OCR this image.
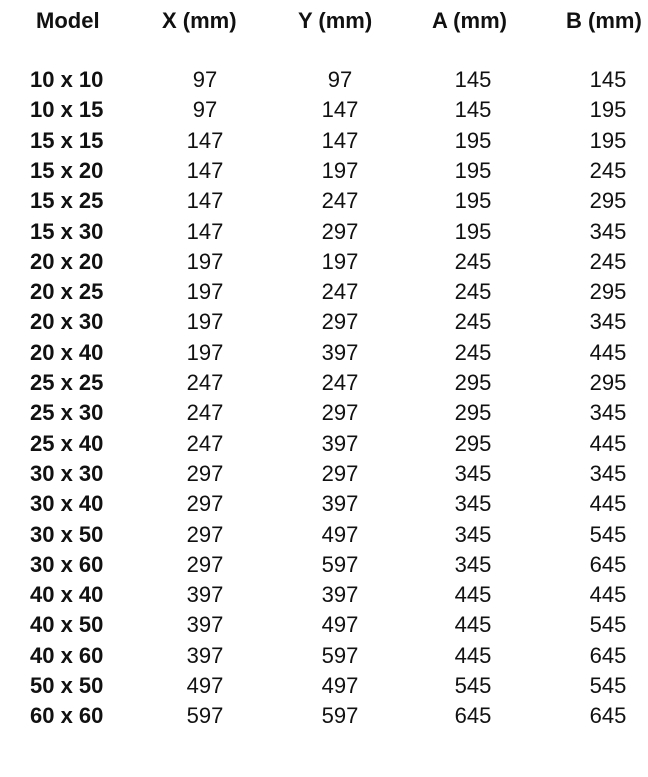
Model	X (mm)	Y (mm)	A (mm)	B (mm)
10 x 10	97	97	145	145
10 x 15	97	147	145	195
15 x 15	147	147	195	195
15 x 20	147	197	195	245
15 x 25	147	247	195	295
15 x 30	147	297	195	345
20 x 20	197	197	245	245
20 x 25	197	247	245	295
20 x 30	197	297	245	345
20 x 40	197	397	245	445
25 x 25	247	247	295	295
25 x 30	247	297	295	345
25 x 40	247	397	295	445
30 x 30	297	297	345	345
30 x 40	297	397	345	445
30 x 50	297	497	345	545
30 x 60	297	597	345	645
40 x 40	397	397	445	445
40 x 50	397	497	445	545
40 x 60	397	597	445	645
50 x 50	497	497	545	545
60 x 60	597	597	645	645
